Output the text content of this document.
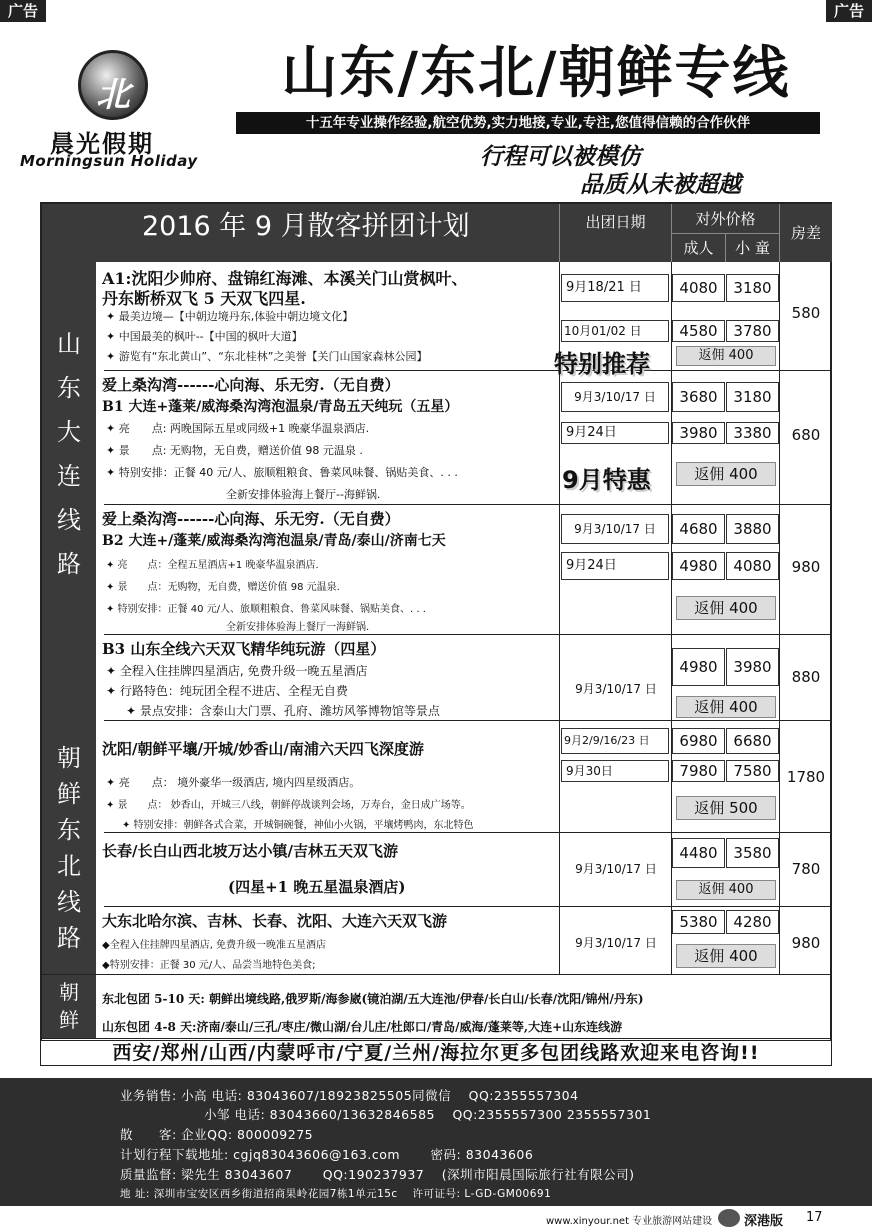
广告	广告
北
晨光假期
Morningsun Holiday
山东/东北/朝鲜专线
十五年专业操作经验,航空优势,实力地接,专业,专注,您值得信赖的合作伙伴
行程可以被模仿
品质从未被超越
2016 年 9 月散客拼团计划	出团日期	对外价格
成人	小 童
房差
山东大连线路
朝鲜东北线路
朝鲜
A1:沈阳少帅府、盘锦红海滩、本溪关门山赏枫叶、
丹东断桥双飞 5 天双飞四星.
✦ 最美边境—【中朝边境丹东,体验中朝边境文化】
✦ 中国最美的枫叶--【中国的枫叶大道】
✦ 游览有“东北黄山”、“东北桂林”之美誉【关门山国家森林公园】
9月18/21 日	4080	3180
10月01/02 日	4580	3780
返佣 400
580
特别推荐
爱上桑沟湾------心向海、乐无穷.（无自费）
B1 大连+蓬莱/威海桑沟湾泡温泉/青岛五天纯玩（五星）
✦ 亮　　点: 两晚国际五星或同级+1 晚豪华温泉酒店.
✦ 景　　点: 无购物，无自费，赠送价值 98 元温泉 .
✦ 特别安排：正餐 40 元/人、旅顺粗粮食、鲁菜风味餐、锅贴美食、. . .
全新安排体验海上餐厅--海鲜锅.
9月3/10/17 日	3680	3180
9月24日	3980	3380
返佣 400
680
9月特惠
爱上桑沟湾------心向海、乐无穷.（无自费）
B2 大连+/蓬莱/威海桑沟湾泡温泉/青岛/泰山/济南七天
✦ 亮　　点：全程五星酒店+1 晚豪华温泉酒店.
✦ 景　　点：无购物，无自费，赠送价值 98 元温泉.
✦ 特别安排：正餐 40 元/人、旅顺粗粮食、鲁菜风味餐、锅贴美食、. . .
全新安排体验海上餐厅一海鲜锅.
9月3/10/17 日	4680	3880
9月24日	4980	4080
返佣 400
980
B3 山东全线六天双飞精华纯玩游（四星）
✦ 全程入住挂牌四星酒店, 免费升级一晚五星酒店
✦ 行路特色：纯玩团全程不进店、全程无自费
✦ 景点安排：含泰山大门票、孔府、潍坊风筝博物馆等景点
9月3/10/17 日
4980	3980
返佣 400
880
沈阳/朝鲜平壤/开城/妙香山/南浦六天四飞深度游
✦ 亮　　点： 境外豪华一级酒店, 境内四星级酒店。
✦ 景　　点： 妙香山，开城三八线，朝鲜停战谈判会场，万寿台，金日成广场等。
✦ 特别安排：朝鲜各式合菜，开城铜碗餐，神仙小火锅，平壤烤鸭肉，东北特色
9月2/9/16/23 日	6980	6680
9月30日	7980	7580
返佣 500
1780
长春/长白山西北坡万达小镇/吉林五天双飞游
(四星+1 晚五星温泉酒店)
9月3/10/17 日
4480	3580
返佣 400
780
大东北哈尔滨、吉林、长春、沈阳、大连六天双飞游
◆全程入住挂牌四星酒店, 免费升级一晚准五星酒店
◆特别安排：正餐 30 元/人、品尝当地特色美食;
9月3/10/17 日
5380	4280
返佣 400
980
东北包团 5-10 天: 朝鲜出境线路,俄罗斯/海参崴(镜泊湖/五大连池/伊春/长白山/长春/沈阳/锦州/丹东)
山东包团 4-8 天:济南/泰山/三孔/枣庄/微山湖/台儿庄/杜郎口/青岛/威海/蓬莱等,大连+山东连线游
西安/郑州/山西/内蒙呼市/宁夏/兰州/海拉尔更多包团线路欢迎来电咨询!!
业务销售: 小高 电话: 83043607/18923825505同微信　 QQ:2355557304
小邹 电话: 83043660/13632846585　 QQ:2355557300 2355557301
散　　客: 企业QQ: 800009275
计划行程下载地址: cgjq83043606@163.com　　 密码: 83043606
质量监督: 梁先生 83043607　　 QQ:190237937　 (深圳市阳晨国际旅行社有限公司)
地 址: 深圳市宝安区西乡街道招商果岭花园7栋1单元15c　 许可证号: L-GD-GM00691
www.xinyour.net 专业旅游网站建设 深港版 17
